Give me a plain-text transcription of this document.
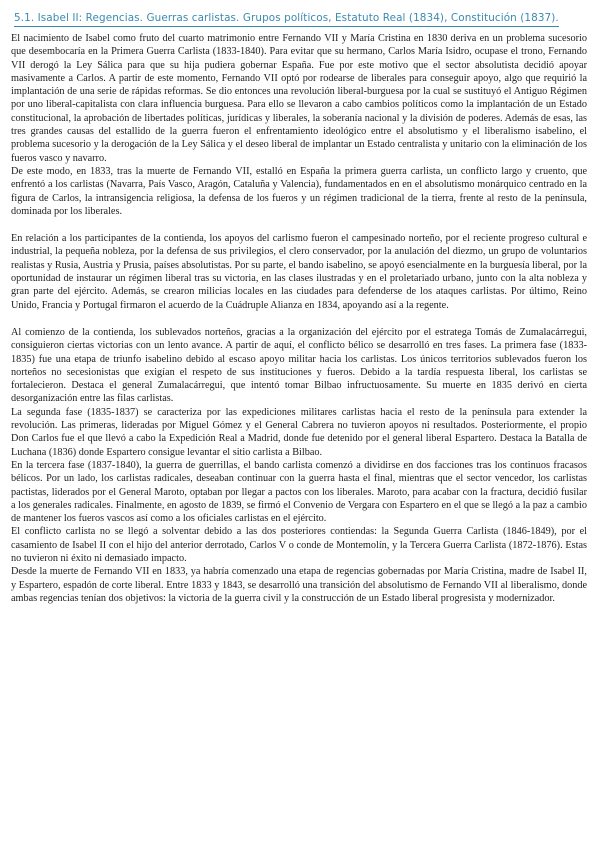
5.1. Isabel II: Regencias. Guerras carlistas. Grupos políticos, Estatuto Real (1834), Constitución (1837).

El nacimiento de Isabel como fruto del cuarto matrimonio entre Fernando VII y María Cristina en 1830 deriva en un problema sucesorio que desembocaría en la Primera Guerra Carlista (1833-1840). Para evitar que su hermano, Carlos María Isidro, ocupase el trono, Fernando VII derogó la Ley Sálica para que su hija pudiera gobernar España. Fue por este motivo que el sector absolutista decidió apoyar masivamente a Carlos. A partir de este momento, Fernando VII optó por rodearse de liberales para conseguir apoyo, algo que requirió la implantación de una serie de rápidas reformas. Se dio entonces una revolución liberal-burguesa por la cual se sustituyó el Antiguo Régimen por uno liberal-capitalista con clara influencia burguesa. Para ello se llevaron a cabo cambios políticos como la implantación de un Estado constitucional, la aprobación de libertades políticas, jurídicas y liberales, la soberanía nacional y la división de poderes. Además de esas, las tres grandes causas del estallido de la guerra fueron el enfrentamiento ideológico entre el absolutismo y el liberalismo isabelino, el problema sucesorio y la derogación de la Ley Sálica y el deseo liberal de implantar un Estado centralista y unitario con la eliminación de los fueros vasco y navarro.

De este modo, en 1833, tras la muerte de Fernando VII, estalló en España la primera guerra carlista, un conflicto largo y cruento, que enfrentó a los carlistas (Navarra, País Vasco, Aragón, Cataluña y Valencia), fundamentados en en el absolutismo monárquico centrado en la figura de Carlos, la intransigencia religiosa, la defensa de los fueros y un régimen tradicional de la tierra, frente al resto de la península, dominada por los liberales.

En relación a los participantes de la contienda, los apoyos del carlismo fueron el campesinado norteño, por el reciente progreso cultural e industrial, la pequeña nobleza, por la defensa de sus privilegios, el clero conservador, por la anulación del diezmo, un grupo de voluntarios realistas y Rusia, Austria y Prusia, países absolutistas. Por su parte, el bando isabelino, se apoyó esencialmente en la burguesía liberal, por la oportunidad de instaurar un régimen liberal tras su victoria, en las clases ilustradas y en el proletariado urbano, junto con la alta nobleza y gran parte del ejército. Además, se crearon milicias locales en las ciudades para defenderse de los ataques carlistas. Por último, Reino Unido, Francia y Portugal firmaron el acuerdo de la Cuádruple Alianza en 1834, apoyando así a la regente.

Al comienzo de la contienda, los sublevados norteños, gracias a la organización del ejército por el estratega Tomás de Zumalacárregui, consiguieron ciertas victorias con un lento avance. A partir de aquí, el conflicto bélico se desarrolló en tres fases. La primera fase (1833-1835) fue una etapa de triunfo isabelino debido al escaso apoyo militar hacia los carlistas. Los únicos territorios sublevados fueron los norteños no secesionistas que exigían el respeto de sus instituciones y fueros. Debido a la tardía respuesta liberal, los carlistas se fortalecieron. Destaca el general Zumalacárregui, que intentó tomar Bilbao infructuosamente. Su muerte en 1835 derivó en cierta desorganización entre las filas carlistas.

La segunda fase (1835-1837) se caracteriza por las expediciones militares carlistas hacia el resto de la península para extender la revolución. Las primeras, lideradas por Miguel Gómez y el General Cabrera no tuvieron apoyos ni resultados. Posteriormente, el propio Don Carlos fue el que llevó a cabo la Expedición Real a Madrid, donde fue detenido por el general liberal Espartero. Destaca la Batalla de Luchana (1836) donde Espartero consigue levantar el sitio carlista a Bilbao.

En la tercera fase (1837-1840), la guerra de guerrillas, el bando carlista comenzó a dividirse en dos facciones tras los continuos fracasos bélicos. Por un lado, los carlistas radicales, deseaban continuar con la guerra hasta el final, mientras que el sector vencedor, los carlistas pactistas, liderados por el General Maroto, optaban por llegar a pactos con los liberales. Maroto, para acabar con la fractura, decidió fusilar a los generales radicales. Finalmente, en agosto de 1839, se firmó el Convenio de Vergara con Espartero en el que se llegó a la paz a cambio de mantener los fueros vascos así como a los oficiales carlistas en el ejército.

El conflicto carlista no se llegó a solventar debido a las dos posteriores contiendas: la Segunda Guerra Carlista (1846-1849), por el casamiento de Isabel II con el hijo del anterior derrotado, Carlos V o conde de Montemolín, y la Tercera Guerra Carlista (1872-1876). Estas no tuvieron ni éxito ni demasiado impacto.

Desde la muerte de Fernando VII en 1833, ya habría comenzado una etapa de regencias gobernadas por María Cristina, madre de Isabel II, y Espartero, espadón de corte liberal. Entre 1833 y 1843, se desarrolló una transición del absolutismo de Fernando VII al liberalismo, donde ambas regencias tenían dos objetivos: la victoria de la guerra civil y la construcción de un Estado liberal progresista y modernizador.
